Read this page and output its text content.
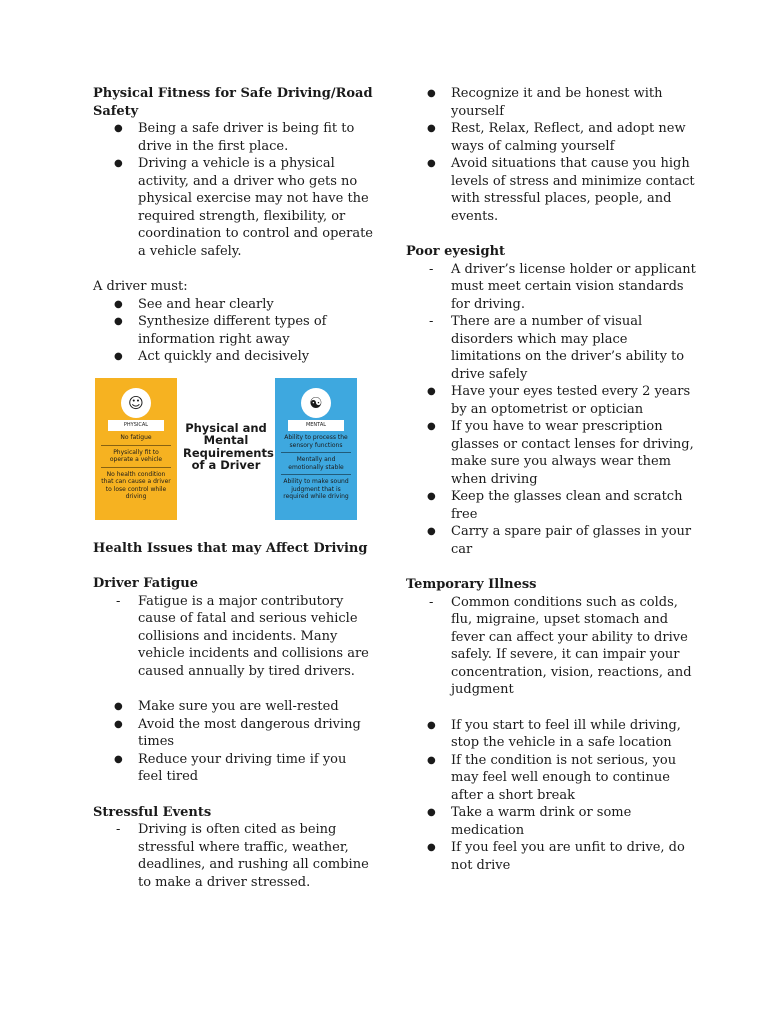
Physical Fitness for Safe Driving/Road Safety

● Being a safe driver is being fit to drive in the first place.
● Driving a vehicle is a physical activity, and a driver who gets no physical exercise may not have the required strength, flexibility, or coordination to control and operate a vehicle safely.

A driver must:

● See and hear clearly
● Synthesize different types of information right away
● Act quickly and decisively
☺
PHYSICAL
No fatigue
Physically fit to operate a vehicle
No health condition that can cause a driver to lose control while driving
Physical and Mental Requirements of a Driver
☯
MENTAL
Ability to process the sensory functions
Mentally and emotionally stable
Ability to make sound judgment that is required while driving

Health Issues that may Affect Driving

Driver Fatigue

- Fatigue is a major contributory cause of fatal and serious vehicle collisions and incidents. Many vehicle incidents and collisions are caused annually by tired drivers.
● Make sure you are well-rested
● Avoid the most dangerous driving times
● Reduce your driving time if you feel tired

Stressful Events

- Driving is often cited as being stressful where traffic, weather, deadlines, and rushing all combine to make a driver stressed.
● Recognize it and be honest with yourself
● Rest, Relax, Reflect, and adopt new ways of calming yourself
● Avoid situations that cause you high levels of stress and minimize contact with stressful places, people, and events.

Poor eyesight

- A driver’s license holder or applicant must meet certain vision standards for driving.
- There are a number of visual disorders which may place limitations on the driver’s ability to drive safely
● Have your eyes tested every 2 years by an optometrist or optician
● If you have to wear prescription glasses or contact lenses for driving, make sure you always wear them when driving
● Keep the glasses clean and scratch free
● Carry a spare pair of glasses in your car

Temporary Illness

- Common conditions such as colds, flu, migraine, upset stomach and fever can affect your ability to drive safely. If severe, it can impair your concentration, vision, reactions, and judgment
● If you start to feel ill while driving, stop the vehicle in a safe location
● If the condition is not serious, you may feel well enough to continue after a short break
● Take a warm drink or some medication
● If you feel you are unfit to drive, do not drive
